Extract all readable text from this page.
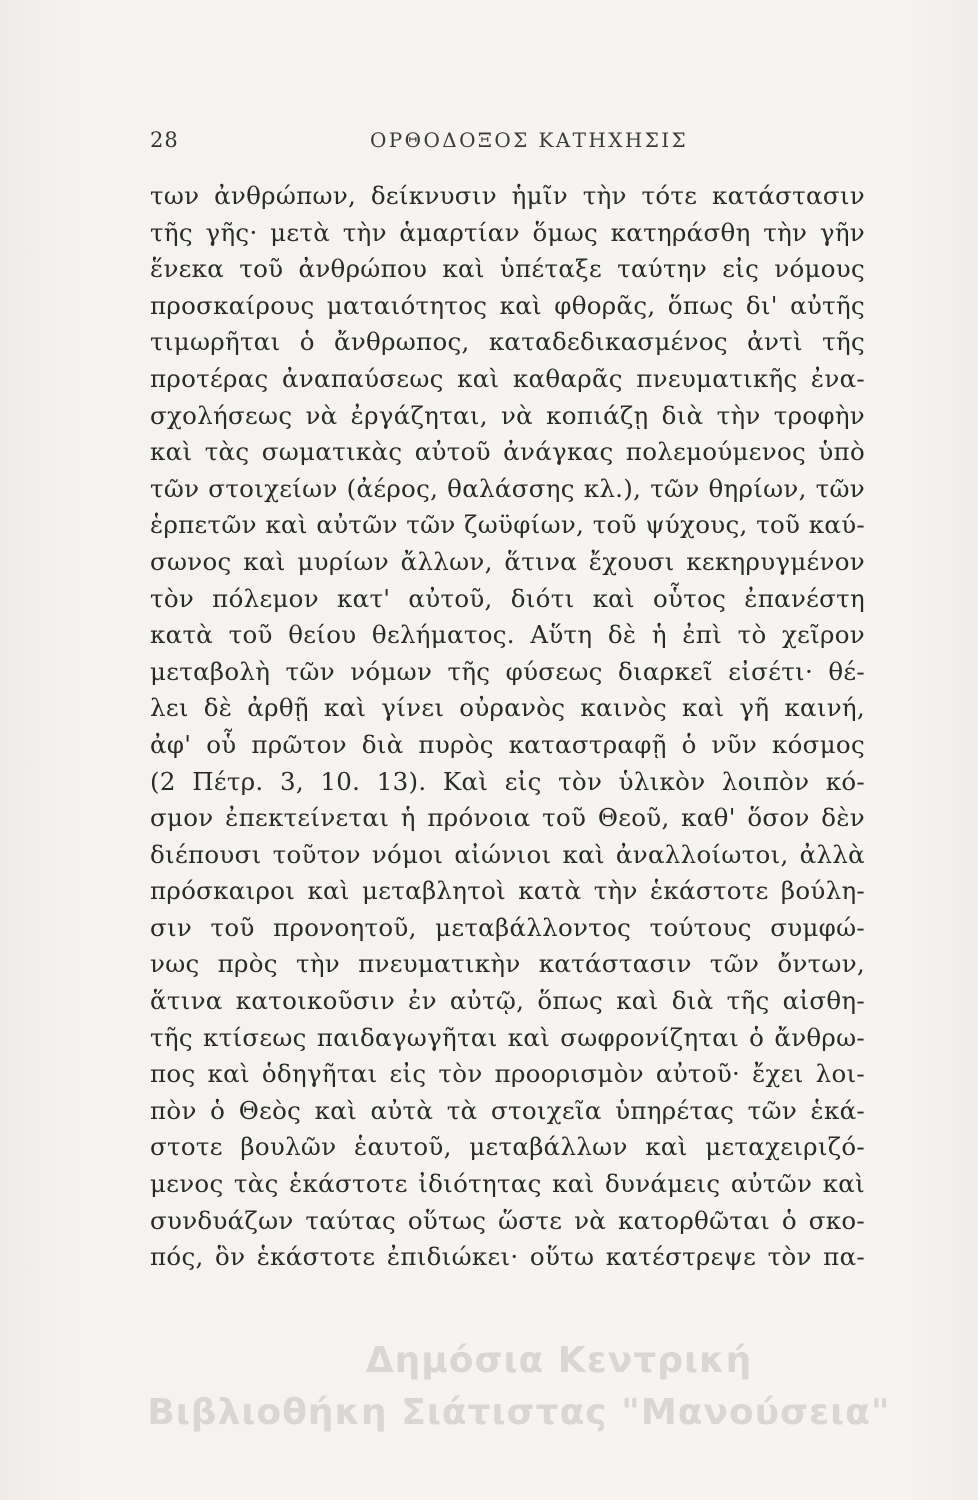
28	ΟΡΘΟΔΟΞΟΣ ΚΑΤΗΧΗΣΙΣ
των ἀνθρώπων, δείκνυσιν ἡμῖν τὴν τότε κατάστασιν
τῆς γῆς· μετὰ τὴν ἁμαρτίαν ὅμως κατηράσθη τὴν γῆν
ἕνεκα τοῦ ἀνθρώπου καὶ ὑπέταξε ταύτην εἰς νόμους
προσκαίρους ματαιότητος καὶ φθορᾶς, ὅπως δι' αὐτῆς
τιμωρῆται ὁ ἄνθρωπος, καταδεδικασμένος ἀντὶ τῆς
προτέρας ἀναπαύσεως καὶ καθαρᾶς πνευματικῆς ἐνα-
σχολήσεως νὰ ἐργάζηται, νὰ κοπιάζῃ διὰ τὴν τροφὴν
καὶ τὰς σωματικὰς αὐτοῦ ἀνάγκας πολεμούμενος ὑπὸ
τῶν στοιχείων (ἀέρος, θαλάσσης κλ.), τῶν θηρίων, τῶν
ἑρπετῶν καὶ αὐτῶν τῶν ζωϋφίων, τοῦ ψύχους, τοῦ καύ-
σωνος καὶ μυρίων ἄλλων, ἅτινα ἔχουσι κεκηρυγμένον
τὸν πόλεμον κατ' αὐτοῦ, διότι καὶ οὗτος ἐπανέστη
κατὰ τοῦ θείου θελήματος. Αὕτη δὲ ἡ ἐπὶ τὸ χεῖρον
μεταβολὴ τῶν νόμων τῆς φύσεως διαρκεῖ εἰσέτι· θέ-
λει δὲ ἀρθῇ καὶ γίνει οὐρανὸς καινὸς καὶ γῆ καινή,
ἀφ' οὗ πρῶτον διὰ πυρὸς καταστραφῇ ὁ νῦν κόσμος
(2 Πέτρ. 3, 10. 13). Καὶ εἰς τὸν ὑλικὸν λοιπὸν κό-
σμον ἐπεκτείνεται ἡ πρόνοια τοῦ Θεοῦ, καθ' ὅσον δὲν
διέπουσι τοῦτον νόμοι αἰώνιοι καὶ ἀναλλοίωτοι, ἀλλὰ
πρόσκαιροι καὶ μεταβλητοὶ κατὰ τὴν ἑκάστοτε βούλη-
σιν τοῦ προνοητοῦ, μεταβάλλοντος τούτους συμφώ-
νως πρὸς τὴν πνευματικὴν κατάστασιν τῶν ὄντων,
ἅτινα κατοικοῦσιν ἐν αὐτῷ, ὅπως καὶ διὰ τῆς αἰσθη-
τῆς κτίσεως παιδαγωγῆται καὶ σωφρονίζηται ὁ ἄνθρω-
πος καὶ ὁδηγῆται εἰς τὸν προορισμὸν αὐτοῦ· ἔχει λοι-
πὸν ὁ Θεὸς καὶ αὐτὰ τὰ στοιχεῖα ὑπηρέτας τῶν ἑκά-
στοτε βουλῶν ἑαυτοῦ, μεταβάλλων καὶ μεταχειριζό-
μενος τὰς ἑκάστοτε ἰδιότητας καὶ δυνάμεις αὐτῶν καὶ
συνδυάζων ταύτας οὕτως ὥστε νὰ κατορθῶται ὁ σκο-
πός, ὃν ἑκάστοτε ἐπιδιώκει· οὕτω κατέστρεψε τὸν πα-
Δημόσια Κεντρική
Βιβλιοθήκη Σιάτιστας "Μανούσεια"
